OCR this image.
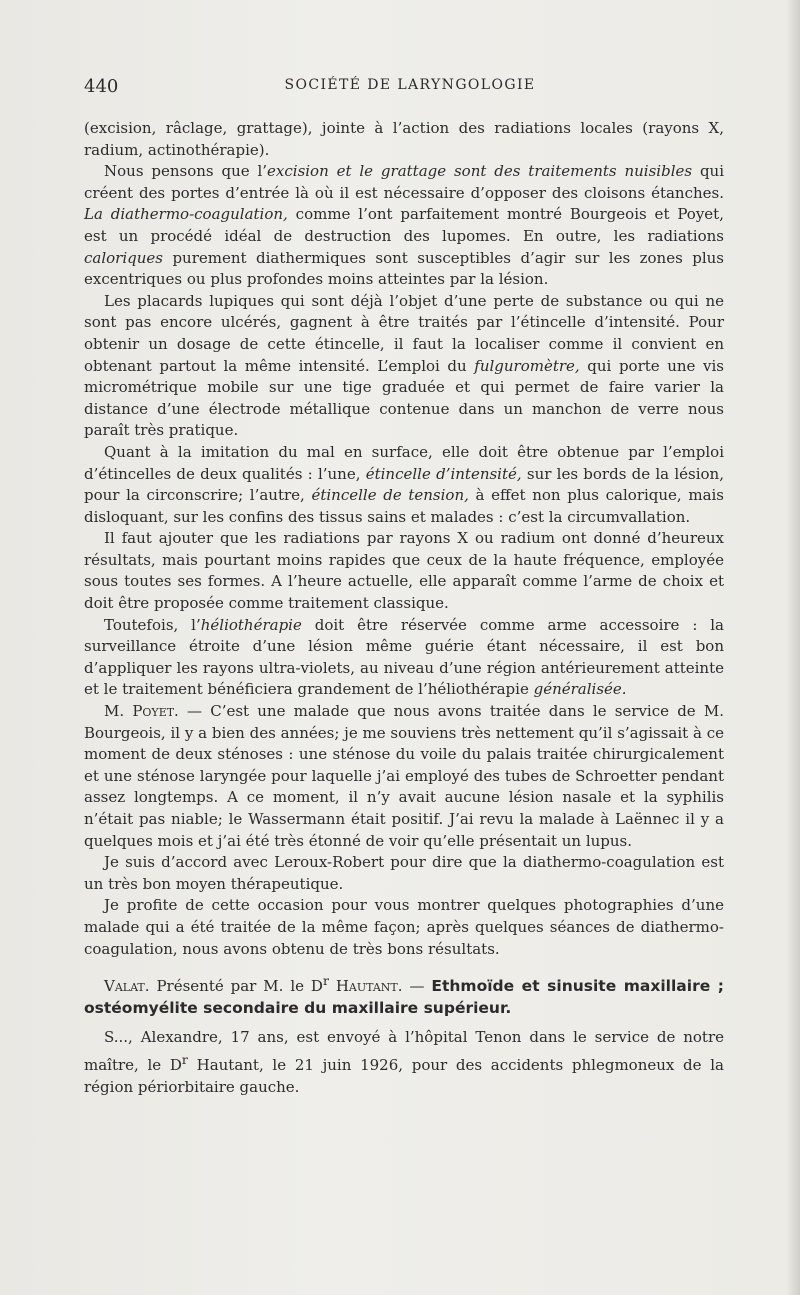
440	SOCIÉTÉ DE LARYNGOLOGIE

(excision, râclage, grattage), jointe à l’action des radiations locales (rayons X, radium, actinothérapie).

Nous pensons que l’excision et le grattage sont des traitements nuisibles qui créent des portes d’entrée là où il est nécessaire d’opposer des cloisons étanches. La diathermo-coagulation, comme l’ont parfaitement montré Bourgeois et Poyet, est un procédé idéal de destruction des lupomes. En outre, les radiations caloriques purement diathermiques sont susceptibles d’agir sur les zones plus excentriques ou plus profondes moins atteintes par la lésion.

Les placards lupiques qui sont déjà l’objet d’une perte de substance ou qui ne sont pas encore ulcérés, gagnent à être traités par l’étincelle d’intensité. Pour obtenir un dosage de cette étincelle, il faut la localiser comme il convient en obtenant partout la même intensité. L’emploi du fulguromètre, qui porte une vis micrométrique mobile sur une tige graduée et qui permet de faire varier la distance d’une électrode métallique contenue dans un manchon de verre nous paraît très pratique.

Quant à la imitation du mal en surface, elle doit être obtenue par l’emploi d’étincelles de deux qualités : l’une, étincelle d’intensité, sur les bords de la lésion, pour la circonscrire; l’autre, étincelle de tension, à effet non plus calorique, mais disloquant, sur les confins des tissus sains et malades : c’est la circumvallation.

Il faut ajouter que les radiations par rayons X ou radium ont donné d’heureux résultats, mais pourtant moins rapides que ceux de la haute fréquence, employée sous toutes ses formes. A l’heure actuelle, elle apparaît comme l’arme de choix et doit être proposée comme traitement classique.

Toutefois, l’héliothérapie doit être réservée comme arme accessoire : la surveillance étroite d’une lésion même guérie étant nécessaire, il est bon d’appliquer les rayons ultra-violets, au niveau d’une région antérieurement atteinte et le traitement bénéficiera grandement de l’héliothérapie généralisée.

M. Poyet. — C’est une malade que nous avons traitée dans le service de M. Bourgeois, il y a bien des années; je me souviens très nettement qu’il s’agissait à ce moment de deux sténoses : une sténose du voile du palais traitée chirurgicalement et une sténose laryngée pour laquelle j’ai employé des tubes de Schroetter pendant assez longtemps. A ce moment, il n’y avait aucune lésion nasale et la syphilis n’était pas niable; le Wassermann était positif. J’ai revu la malade à Laënnec il y a quelques mois et j’ai été très étonné de voir qu’elle présentait un lupus.

Je suis d’accord avec Leroux-Robert pour dire que la diathermo-coagulation est un très bon moyen thérapeutique.

Je profite de cette occasion pour vous montrer quelques photographies d’une malade qui a été traitée de la même façon; après quelques séances de diathermo-coagulation, nous avons obtenu de très bons résultats.

Valat. Présenté par M. le $D^r$ Hautant. — Ethmoïde et sinusite maxillaire ; ostéomyélite secondaire du maxillaire supérieur.

S..., Alexandre, 17 ans, est envoyé à l’hôpital Tenon dans le service de notre maître, le $D^r$ Hautant, le 21 juin 1926, pour des accidents phlegmoneux de la région périorbitaire gauche.
